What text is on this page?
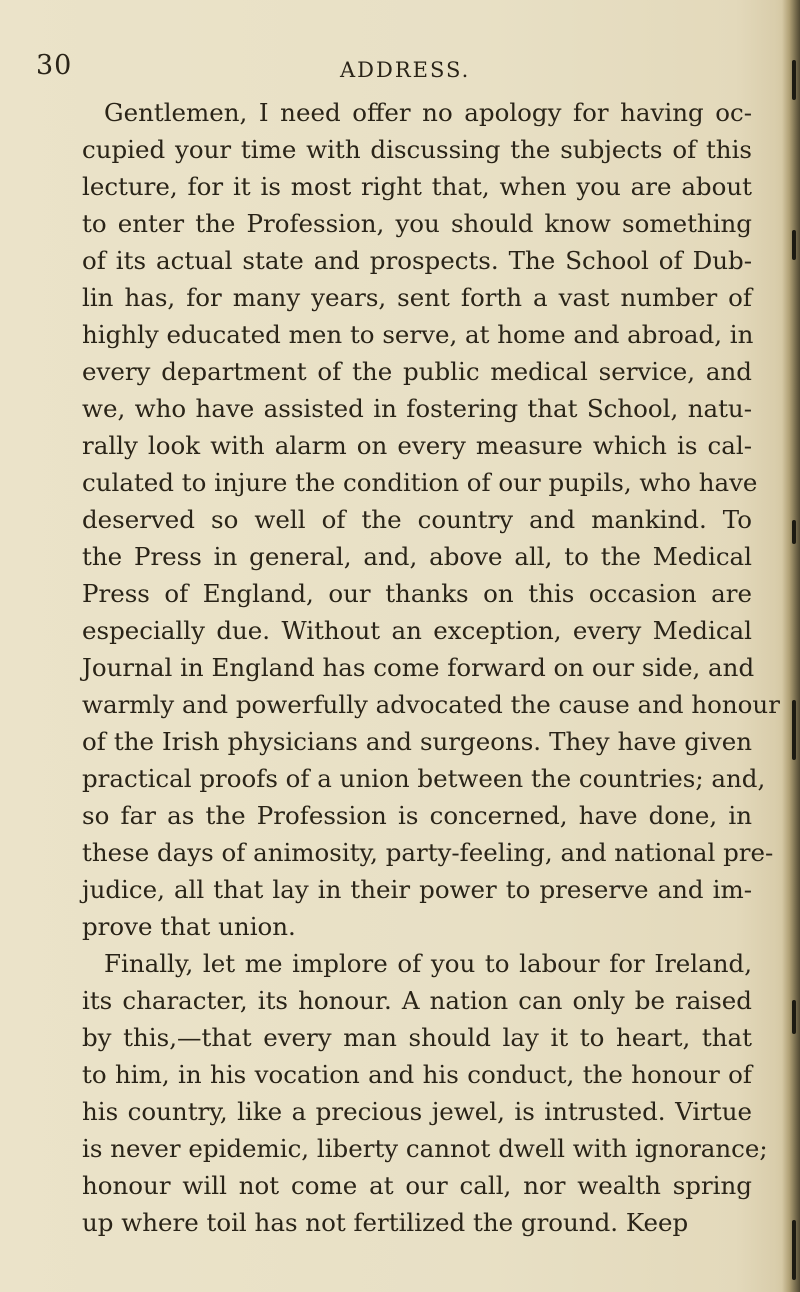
30	ADDRESS.
Gentlemen, I need offer no apology for having oc-
cupied your time with discussing the subjects of this
lecture, for it is most right that, when you are about
to enter the Profession, you should know something
of its actual state and prospects. The School of Dub-
lin has, for many years, sent forth a vast number of
highly educated men to serve, at home and abroad, in
every department of the public medical service, and
we, who have assisted in fostering that School, natu-
rally look with alarm on every measure which is cal-
culated to injure the condition of our pupils, who have
deserved so well of the country and mankind. To
the Press in general, and, above all, to the Medical
Press of England, our thanks on this occasion are
especially due. Without an exception, every Medical
Journal in England has come forward on our side, and
warmly and powerfully advocated the cause and honour
of the Irish physicians and surgeons. They have given
practical proofs of a union between the countries; and,
so far as the Profession is concerned, have done, in
these days of animosity, party-feeling, and national pre-
judice, all that lay in their power to preserve and im-
prove that union.
Finally, let me implore of you to labour for Ireland,
its character, its honour. A nation can only be raised
by this,—that every man should lay it to heart, that
to him, in his vocation and his conduct, the honour of
his country, like a precious jewel, is intrusted. Virtue
is never epidemic, liberty cannot dwell with ignorance;
honour will not come at our call, nor wealth spring
up where toil has not fertilized the ground. Keep
